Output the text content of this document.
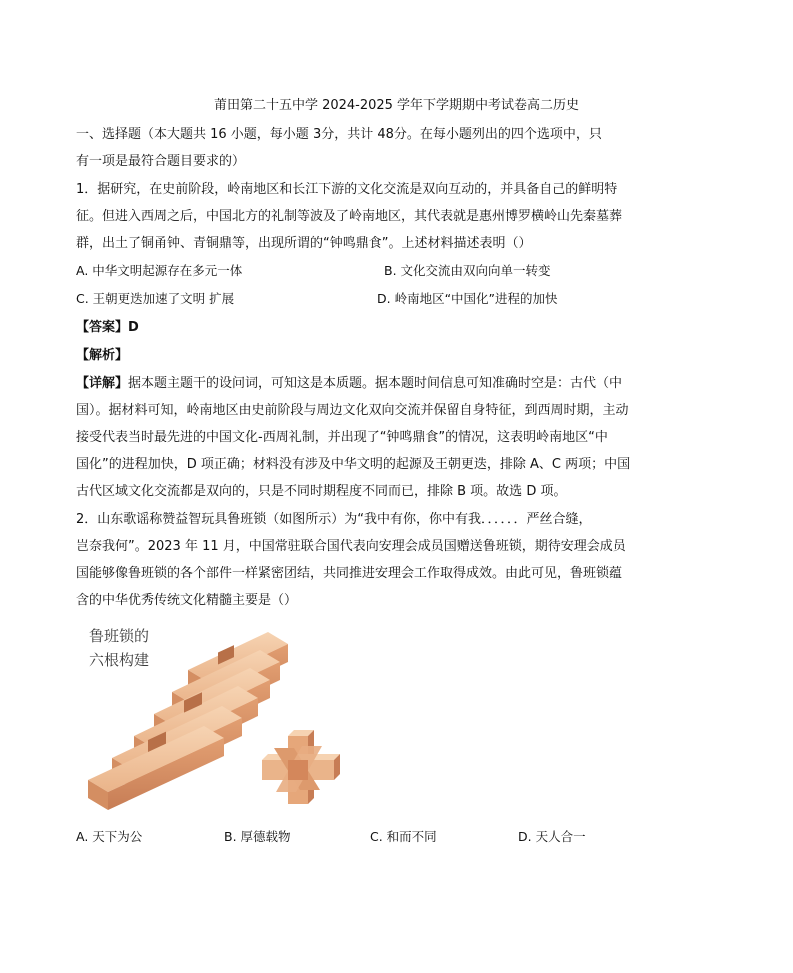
莆田第二十五中学 2024-2025 学年下学期期中考试卷高二历史
一、选择题（本大题共 16 小题，每小题 3分，共计 48分。在每小题列出的四个选项中，只
有一项是最符合题目要求的）
1．据研究，在史前阶段，岭南地区和长江下游的文化交流是双向互动的，并具备自己的鲜明特
征。但进入西周之后，中国北方的礼制等波及了岭南地区，其代表就是惠州博罗横岭山先秦墓葬
群，出土了铜甬钟、青铜鼎等，出现所谓的“钟鸣鼎食”。上述材料描述表明（）
A. 中华文明起源存在多元一体	B. 文化交流由双向向单一转变
C. 王朝更迭加速了文明 扩展	D. 岭南地区“中国化”进程的加快
【答案】D
【解析】
【详解】据本题主题干的设问词，可知这是本质题。据本题时间信息可知准确时空是：古代（中
国）。据材料可知，岭南地区由史前阶段与周边文化双向交流并保留自身特征，到西周时期，主动
接受代表当时最先进的中国文化-西周礼制，并出现了“钟鸣鼎食”的情况，这表明岭南地区“中
国化”的进程加快，D 项正确；材料没有涉及中华文明的起源及王朝更迭，排除 A、C 两项；中国
古代区域文化交流都是双向的，只是不同时期程度不同而已，排除 B 项。故选 D 项。
2．山东歌谣称赞益智玩具鲁班锁（如图所示）为“我中有你，你中有我．．．．．．严丝合缝，
岂奈我何”。2023 年 11 月，中国常驻联合国代表向安理会成员国赠送鲁班锁，期待安理会成员
国能够像鲁班锁的各个部件一样紧密团结，共同推进安理会工作取得成效。由此可见，鲁班锁蕴
含的中华优秀传统文化精髓主要是（）
鲁班锁的
六根构建
A. 天下为公	B. 厚德载物	C. 和而不同	D. 天人合一
